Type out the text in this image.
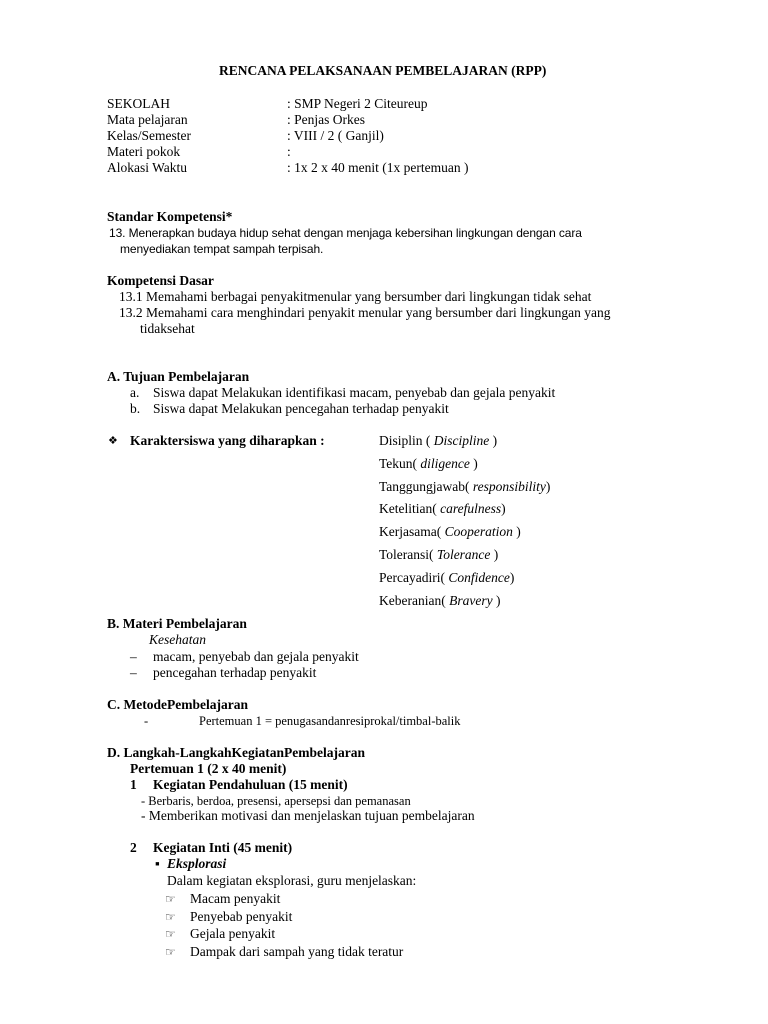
RENCANA PELAKSANAAN PEMBELAJARAN (RPP)
SEKOLAH	: SMP Negeri 2 Citeureup
Mata pelajaran	: Penjas Orkes
Kelas/Semester	: VIII / 2 ( Ganjil)
Materi pokok	:
Alokasi Waktu	: 1x 2 x 40 menit (1x pertemuan )
Standar Kompetensi*
13. Menerapkan budaya hidup sehat dengan menjaga kebersihan lingkungan dengan cara
menyediakan tempat sampah terpisah.
Kompetensi Dasar
13.1 Memahami berbagai penyakitmenular yang bersumber dari lingkungan tidak sehat
13.2 Memahami cara menghindari penyakit menular yang bersumber dari lingkungan yang
tidaksehat
A. Tujuan Pembelajaran
a. Siswa dapat Melakukan identifikasi macam, penyebab dan gejala penyakit
b. Siswa dapat Melakukan pencegahan terhadap penyakit
❖ Karaktersiswa yang diharapkan :	Disiplin ( Discipline )
Tekun( diligence )
Tanggungjawab( responsibility)
Ketelitian( carefulness)
Kerjasama( Cooperation )
Toleransi( Tolerance )
Percayadiri( Confidence)
Keberanian( Bravery )
B. Materi Pembelajaran
Kesehatan
– macam, penyebab dan gejala penyakit
– pencegahan terhadap penyakit
C. MetodePembelajaran
-	Pertemuan 1 = penugasandanresiprokal/timbal-balik
D. Langkah-LangkahKegiatanPembelajaran
Pertemuan 1 (2 x 40 menit)
1 Kegiatan Pendahuluan (15 menit)
- Berbaris, berdoa, presensi, apersepsi dan pemanasan
- Memberikan motivasi dan menjelaskan tujuan pembelajaran
2 Kegiatan Inti (45 menit)
▪ Eksplorasi
Dalam kegiatan eksplorasi, guru menjelaskan:
☞ Macam penyakit
☞ Penyebab penyakit
☞ Gejala penyakit
☞ Dampak dari sampah yang tidak teratur
